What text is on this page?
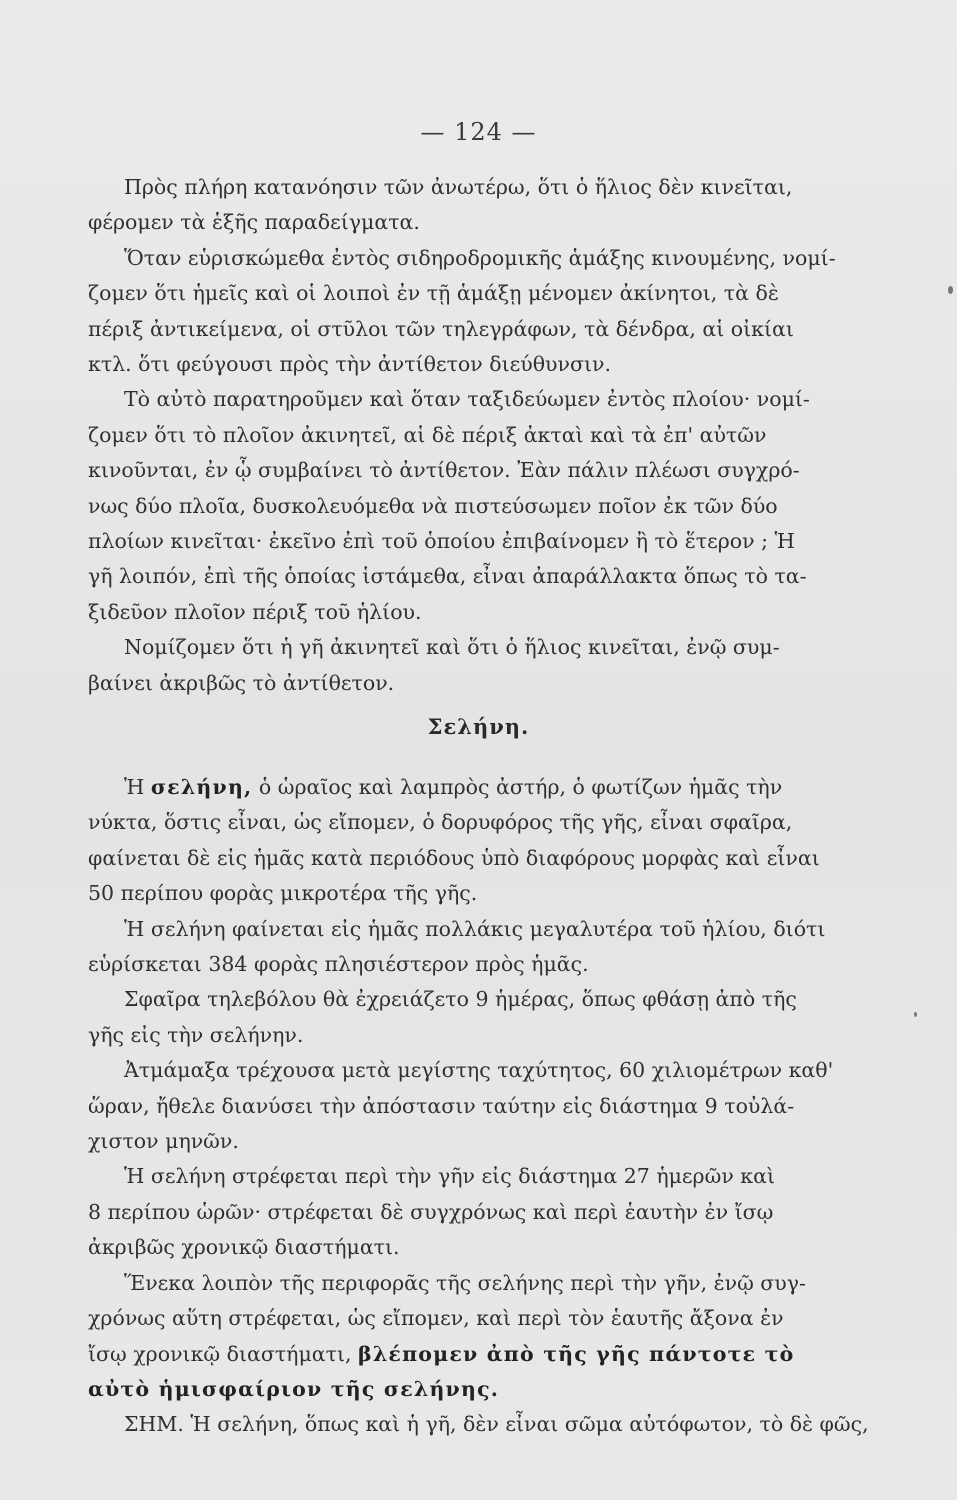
— 124 —
Πρὸς πλήρη κατανόησιν τῶν ἀνωτέρω, ὅτι ὁ ἥλιος δὲν κινεῖται,
φέρομεν τὰ ἑξῆς παραδείγματα.
Ὅταν εὑρισκώμεθα ἐντὸς σιδηροδρομικῆς ἁμάξης κινουμένης, νομί-
ζομεν ὅτι ἡμεῖς καὶ οἱ λοιποὶ ἐν τῇ ἁμάξῃ μένομεν ἀκίνητοι, τὰ δὲ
πέριξ ἀντικείμενα, οἱ στῦλοι τῶν τηλεγράφων, τὰ δένδρα, αἱ οἰκίαι
κτλ. ὅτι φεύγουσι πρὸς τὴν ἀντίθετον διεύθυνσιν.
Τὸ αὐτὸ παρατηροῦμεν καὶ ὅταν ταξιδεύωμεν ἐντὸς πλοίου· νομί-
ζομεν ὅτι τὸ πλοῖον ἀκινητεῖ, αἱ δὲ πέριξ ἀκταὶ καὶ τὰ ἐπ' αὐτῶν
κινοῦνται, ἐν ᾧ συμβαίνει τὸ ἀντίθετον. Ἐὰν πάλιν πλέωσι συγχρό-
νως δύο πλοῖα, δυσκολευόμεθα νὰ πιστεύσωμεν ποῖον ἐκ τῶν δύο
πλοίων κινεῖται· ἐκεῖνο ἐπὶ τοῦ ὁποίου ἐπιβαίνομεν ἢ τὸ ἕτερον ; Ἡ
γῆ λοιπόν, ἐπὶ τῆς ὁποίας ἱστάμεθα, εἶναι ἀπαράλλακτα ὅπως τὸ τα-
ξιδεῦον πλοῖον πέριξ τοῦ ἡλίου.
Νομίζομεν ὅτι ἡ γῆ ἀκινητεῖ καὶ ὅτι ὁ ἥλιος κινεῖται, ἐνῷ συμ-
βαίνει ἀκριβῶς τὸ ἀντίθετον.
Σελήνη.
Ἡ σελήνη, ὁ ὡραῖος καὶ λαμπρὸς ἀστήρ, ὁ φωτίζων ἡμᾶς τὴν
νύκτα, ὅστις εἶναι, ὡς εἴπομεν, ὁ δορυφόρος τῆς γῆς, εἶναι σφαῖρα,
φαίνεται δὲ εἰς ἡμᾶς κατὰ περιόδους ὑπὸ διαφόρους μορφὰς καὶ εἶναι
50 περίπου φορὰς μικροτέρα τῆς γῆς.
Ἡ σελήνη φαίνεται εἰς ἡμᾶς πολλάκις μεγαλυτέρα τοῦ ἡλίου, διότι
εὑρίσκεται 384 φορὰς πλησιέστερον πρὸς ἡμᾶς.
Σφαῖρα τηλεβόλου θὰ ἐχρειάζετο 9 ἡμέρας, ὅπως φθάσῃ ἀπὸ τῆς
γῆς εἰς τὴν σελήνην.
Ἀτμάμαξα τρέχουσα μετὰ μεγίστης ταχύτητος, 60 χιλιομέτρων καθ'
ὥραν, ἤθελε διανύσει τὴν ἀπόστασιν ταύτην εἰς διάστημα 9 τοὐλά-
χιστον μηνῶν.
Ἡ σελήνη στρέφεται περὶ τὴν γῆν εἰς διάστημα 27 ἡμερῶν καὶ
8 περίπου ὡρῶν· στρέφεται δὲ συγχρόνως καὶ περὶ ἑαυτὴν ἐν ἴσῳ
ἀκριβῶς χρονικῷ διαστήματι.
Ἕνεκα λοιπὸν τῆς περιφορᾶς τῆς σελήνης περὶ τὴν γῆν, ἐνῷ συγ-
χρόνως αὕτη στρέφεται, ὡς εἴπομεν, καὶ περὶ τὸν ἑαυτῆς ἄξονα ἐν
ἴσῳ χρονικῷ διαστήματι, βλέπομεν ἀπὸ τῆς γῆς πάντοτε τὸ
αὐτὸ ἡμισφαίριον τῆς σελήνης.
ΣΗΜ. Ἡ σελήνη, ὅπως καὶ ἡ γῆ, δὲν εἶναι σῶμα αὐτόφωτον, τὸ δὲ φῶς,
